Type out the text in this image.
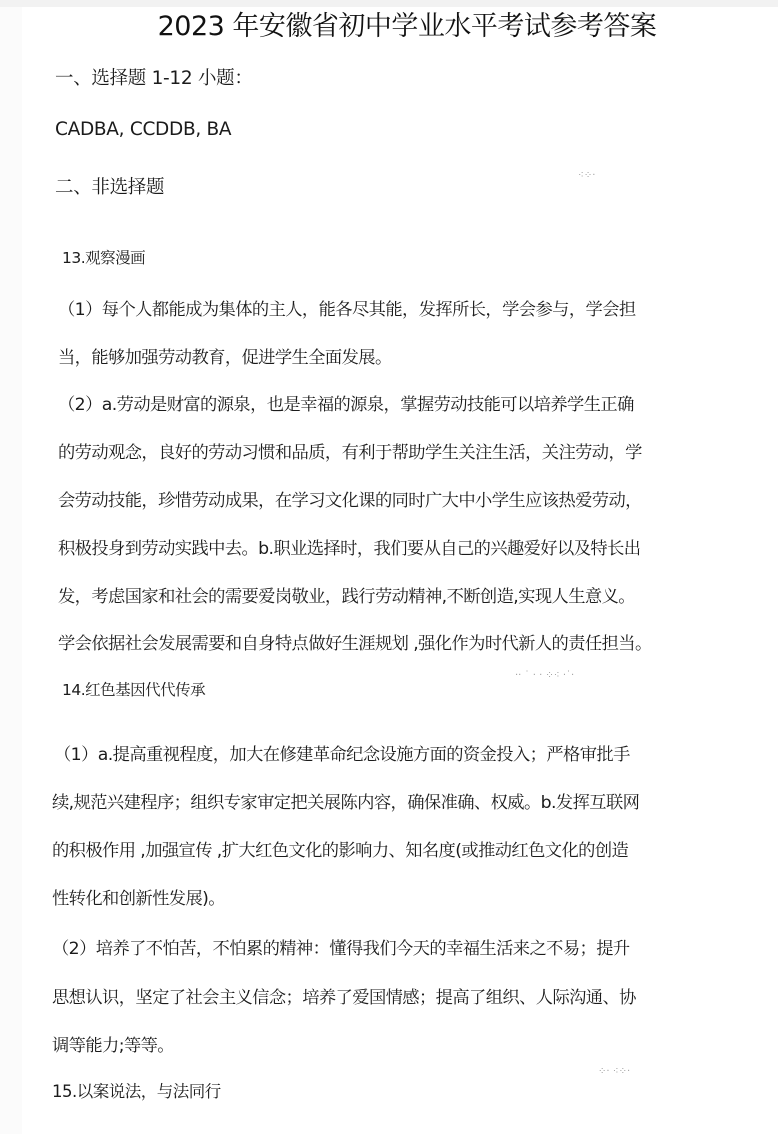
2023 年安徽省初中学业水平考试参考答案
一、选择题 1-12 小题：
CADBA, CCDDB, BA
二、非选择题
⁖⁘·
13.观察漫画
（1）每个人都能成为集体的主人，能各尽其能，发挥所长，学会参与，学会担
当，能够加强劳动教育，促进学生全面发展。
（2）a.劳动是财富的源泉，也是幸福的源泉，掌握劳动技能可以培养学生正确
的劳动观念，良好的劳动习惯和品质，有利于帮助学生关注生活，关注劳动，学
会劳动技能，珍惜劳动成果，在学习文化课的同时广大中小学生应该热爱劳动，
积极投身到劳动实践中去。b.职业选择时，我们要从自己的兴趣爱好以及特长出
发，考虑国家和社会的需要爱岗敬业，践行劳动精神,不断创造,实现人生意义。
学会依据社会发展需要和自身特点做好生涯规划 ,强化作为时代新人的责任担当。
·· ˙ · · ⁘⁖ ·˙·
14.红色基因代代传承
（1）a.提高重视程度，加大在修建革命纪念设施方面的资金投入；严格审批手
续,规范兴建程序；组织专家审定把关展陈内容，确保准确、权威。b.发挥互联网
的积极作用 ,加强宣传 ,扩大红色文化的影响力、知名度(或推动红色文化的创造
性转化和创新性发展)。
（2）培养了不怕苦，不怕累的精神：懂得我们今天的幸福生活来之不易；提升
思想认识，坚定了社会主义信念；培养了爱国情感；提高了组织、人际沟通、协
调等能力;等等。
⁘· ⁖⁘·
15.以案说法，与法同行
